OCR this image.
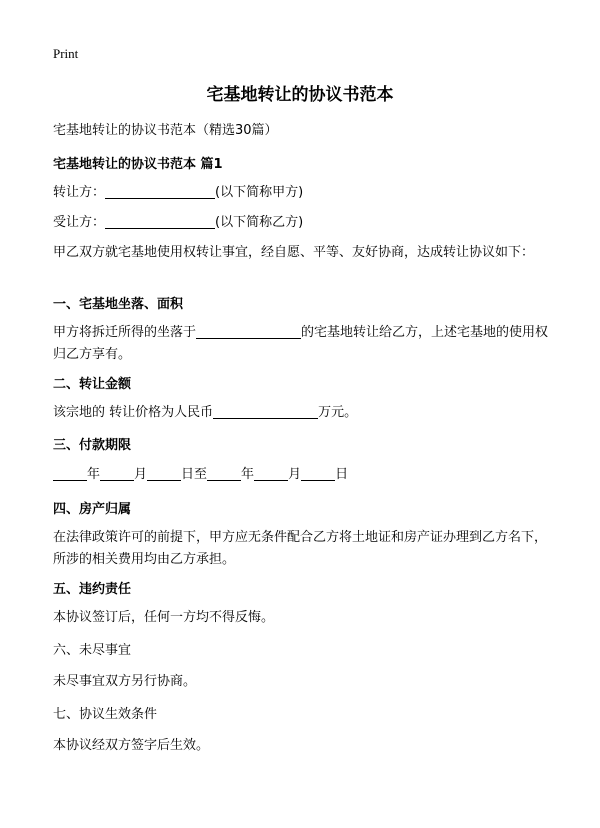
Print
宅基地转让的协议书范本
宅基地转让的协议书范本（精选30篇）
宅基地转让的协议书范本 篇1
转让方：	(以下简称甲方)
受让方：	(以下简称乙方)
甲乙双方就宅基地使用权转让事宜，经自愿、平等、友好协商，达成转让协议如下：
一、宅基地坐落、面积
甲方将拆迁所得的坐落于	的宅基地转让给乙方，上述宅基地的使用权归乙方享有。
二、转让金额
该宗地的 转让价格为人民币	万元。
三、付款期限
年	月	日至	年	月	日
四、房产归属
在法律政策许可的前提下，甲方应无条件配合乙方将土地证和房产证办理到乙方名下，所涉的相关费用均由乙方承担。
五、违约责任
本协议签订后，任何一方均不得反悔。
六、未尽事宜
未尽事宜双方另行协商。
七、协议生效条件
本协议经双方签字后生效。
